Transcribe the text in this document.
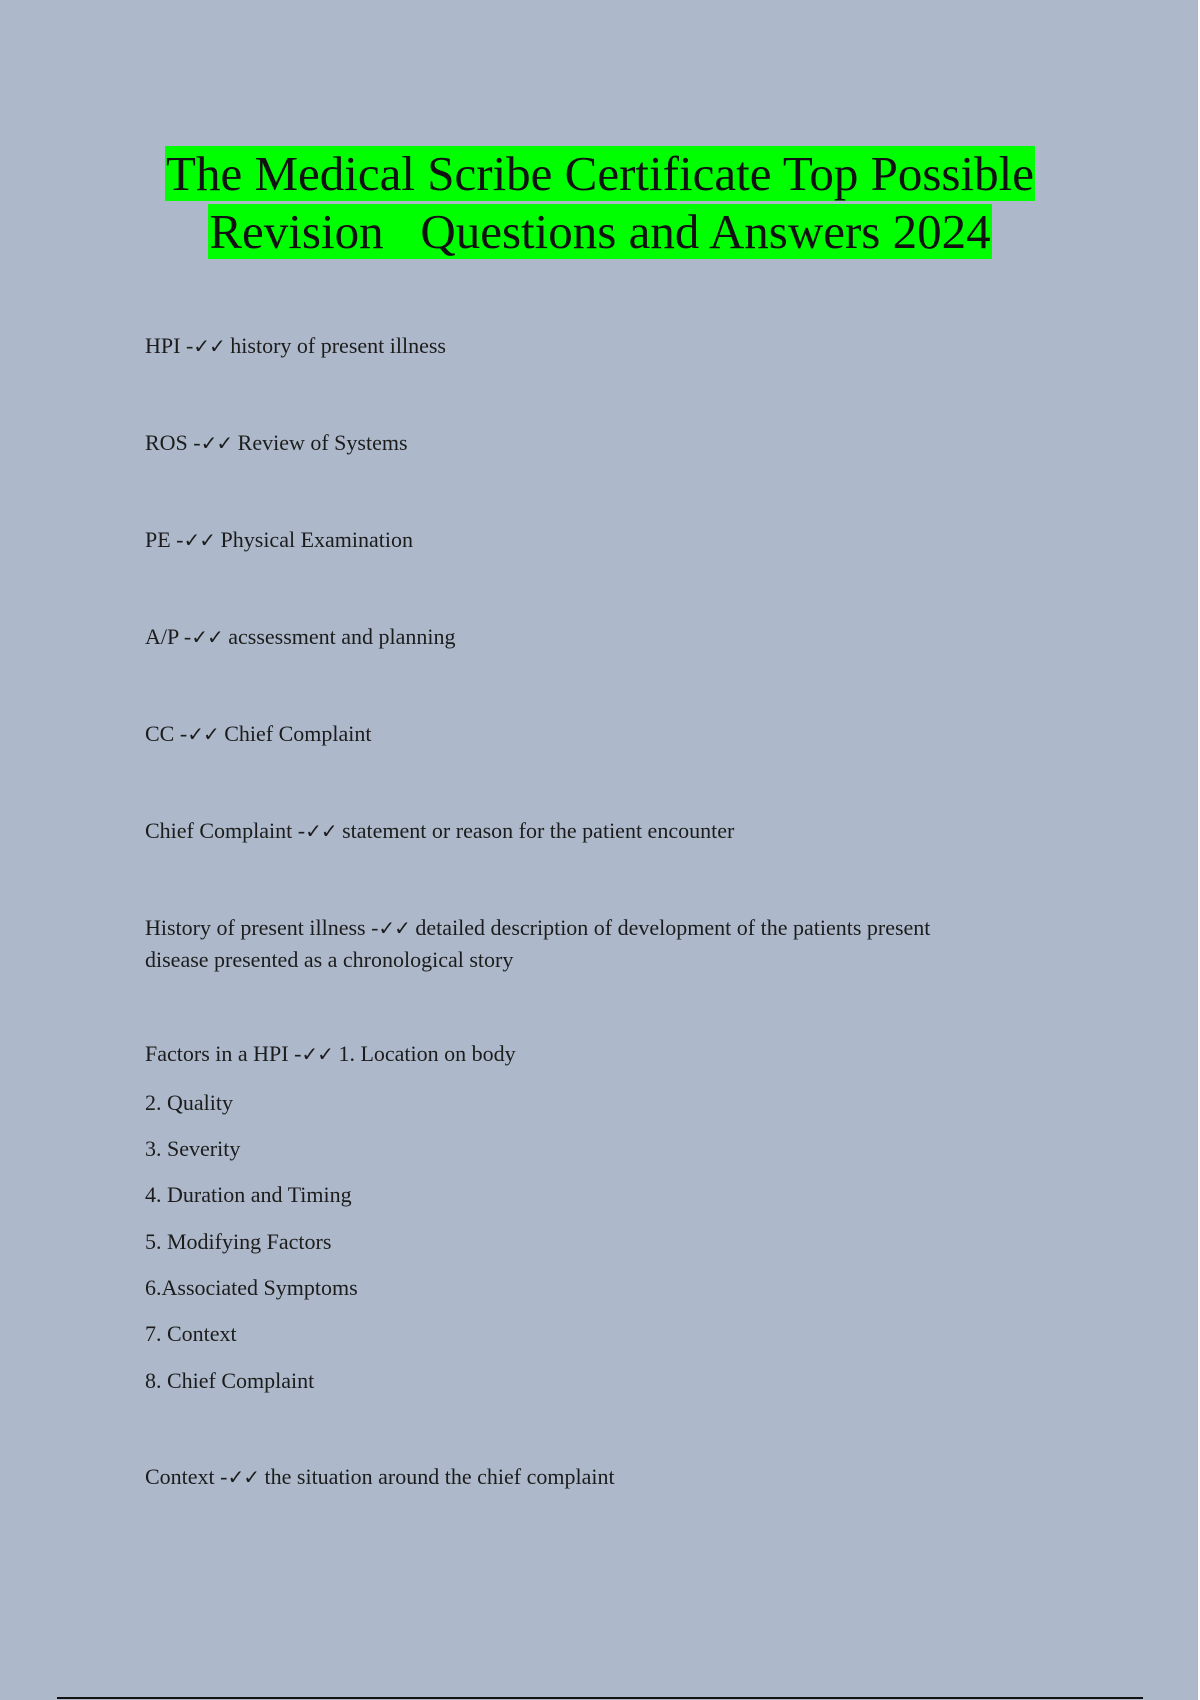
The Medical Scribe Certificate Top Possible
Revision   Questions and Answers 2024
HPI -✓✓ history of present illness
ROS -✓✓ Review of Systems
PE -✓✓ Physical Examination
A/P -✓✓ acssessment and planning
CC -✓✓ Chief Complaint
Chief Complaint -✓✓ statement or reason for the patient encounter
History of present illness -✓✓ detailed description of development of the patients present
disease presented as a chronological story
Factors in a HPI -✓✓ 1. Location on body
2. Quality
3. Severity
4. Duration and Timing
5. Modifying Factors
6.Associated Symptoms
7. Context
8. Chief Complaint
Context -✓✓ the situation around the chief complaint
